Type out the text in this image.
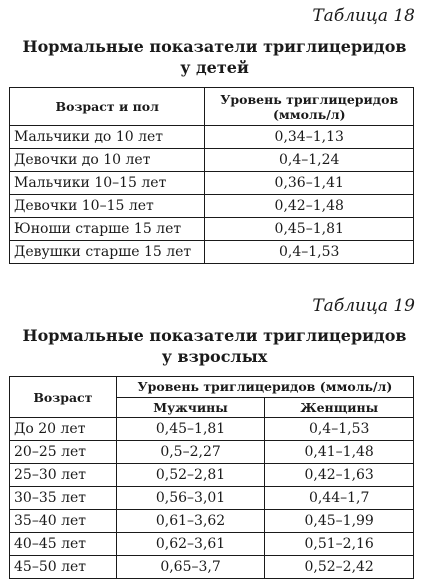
Таблица 18
Нормальные показатели триглицеридов
у детей
Возраст и пол	Уровень триглицеридов
(ммоль/л)

Мальчики до 10 лет	0,34–1,13
Девочки до 10 лет	0,4–1,24
Мальчики 10–15 лет	0,36–1,41
Девочки 10–15 лет	0,42–1,48
Юноши старше 15 лет	0,45–1,81
Девушки старше 15 лет	0,4–1,53
Таблица 19
Нормальные показатели триглицеридов
у взрослых
Возраст	Уровень триглицеридов (ммоль/л)	
	Мужчины	Женщины
До 20 лет	0,45–1,81	0,4–1,53
20–25 лет	0,5–2,27	0,41–1,48
25–30 лет	0,52–2,81	0,42–1,63
30–35 лет	0,56–3,01	0,44–1,7
35–40 лет	0,61–3,62	0,45–1,99
40–45 лет	0,62–3,61	0,51–2,16
45–50 лет	0,65–3,7	0,52–2,42
